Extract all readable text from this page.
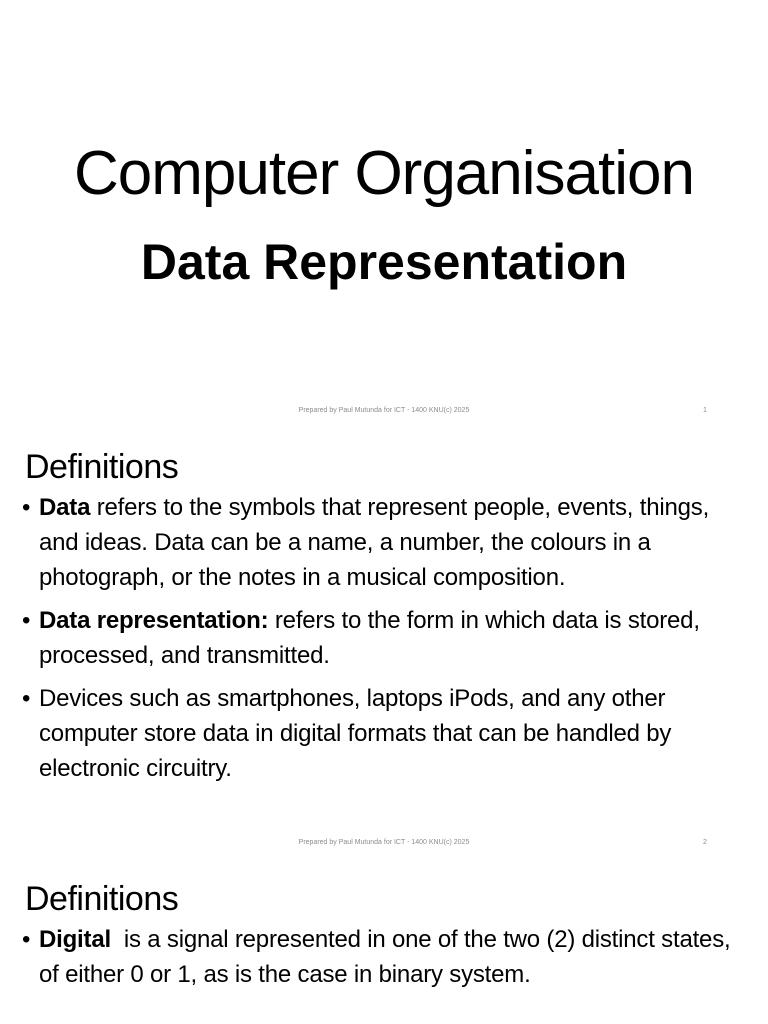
Computer Organisation
Data Representation
Prepared by Paul Mutunda for ICT - 1400 KNU(c) 2025	1
Definitions
• Data refers to the symbols that represent people, events, things, and ideas. Data can be a name, a number, the colours in a photograph, or the notes in a musical composition.
• Data representation: refers to the form in which data is stored, processed, and transmitted.
• Devices such as smartphones, laptops iPods, and any other computer store data in digital formats that can be handled by electronic circuitry.
Prepared by Paul Mutunda for ICT - 1400 KNU(c) 2025	2
Definitions
• Digital  is a signal represented in one of the two (2) distinct states, of either 0 or 1, as is the case in binary system.
